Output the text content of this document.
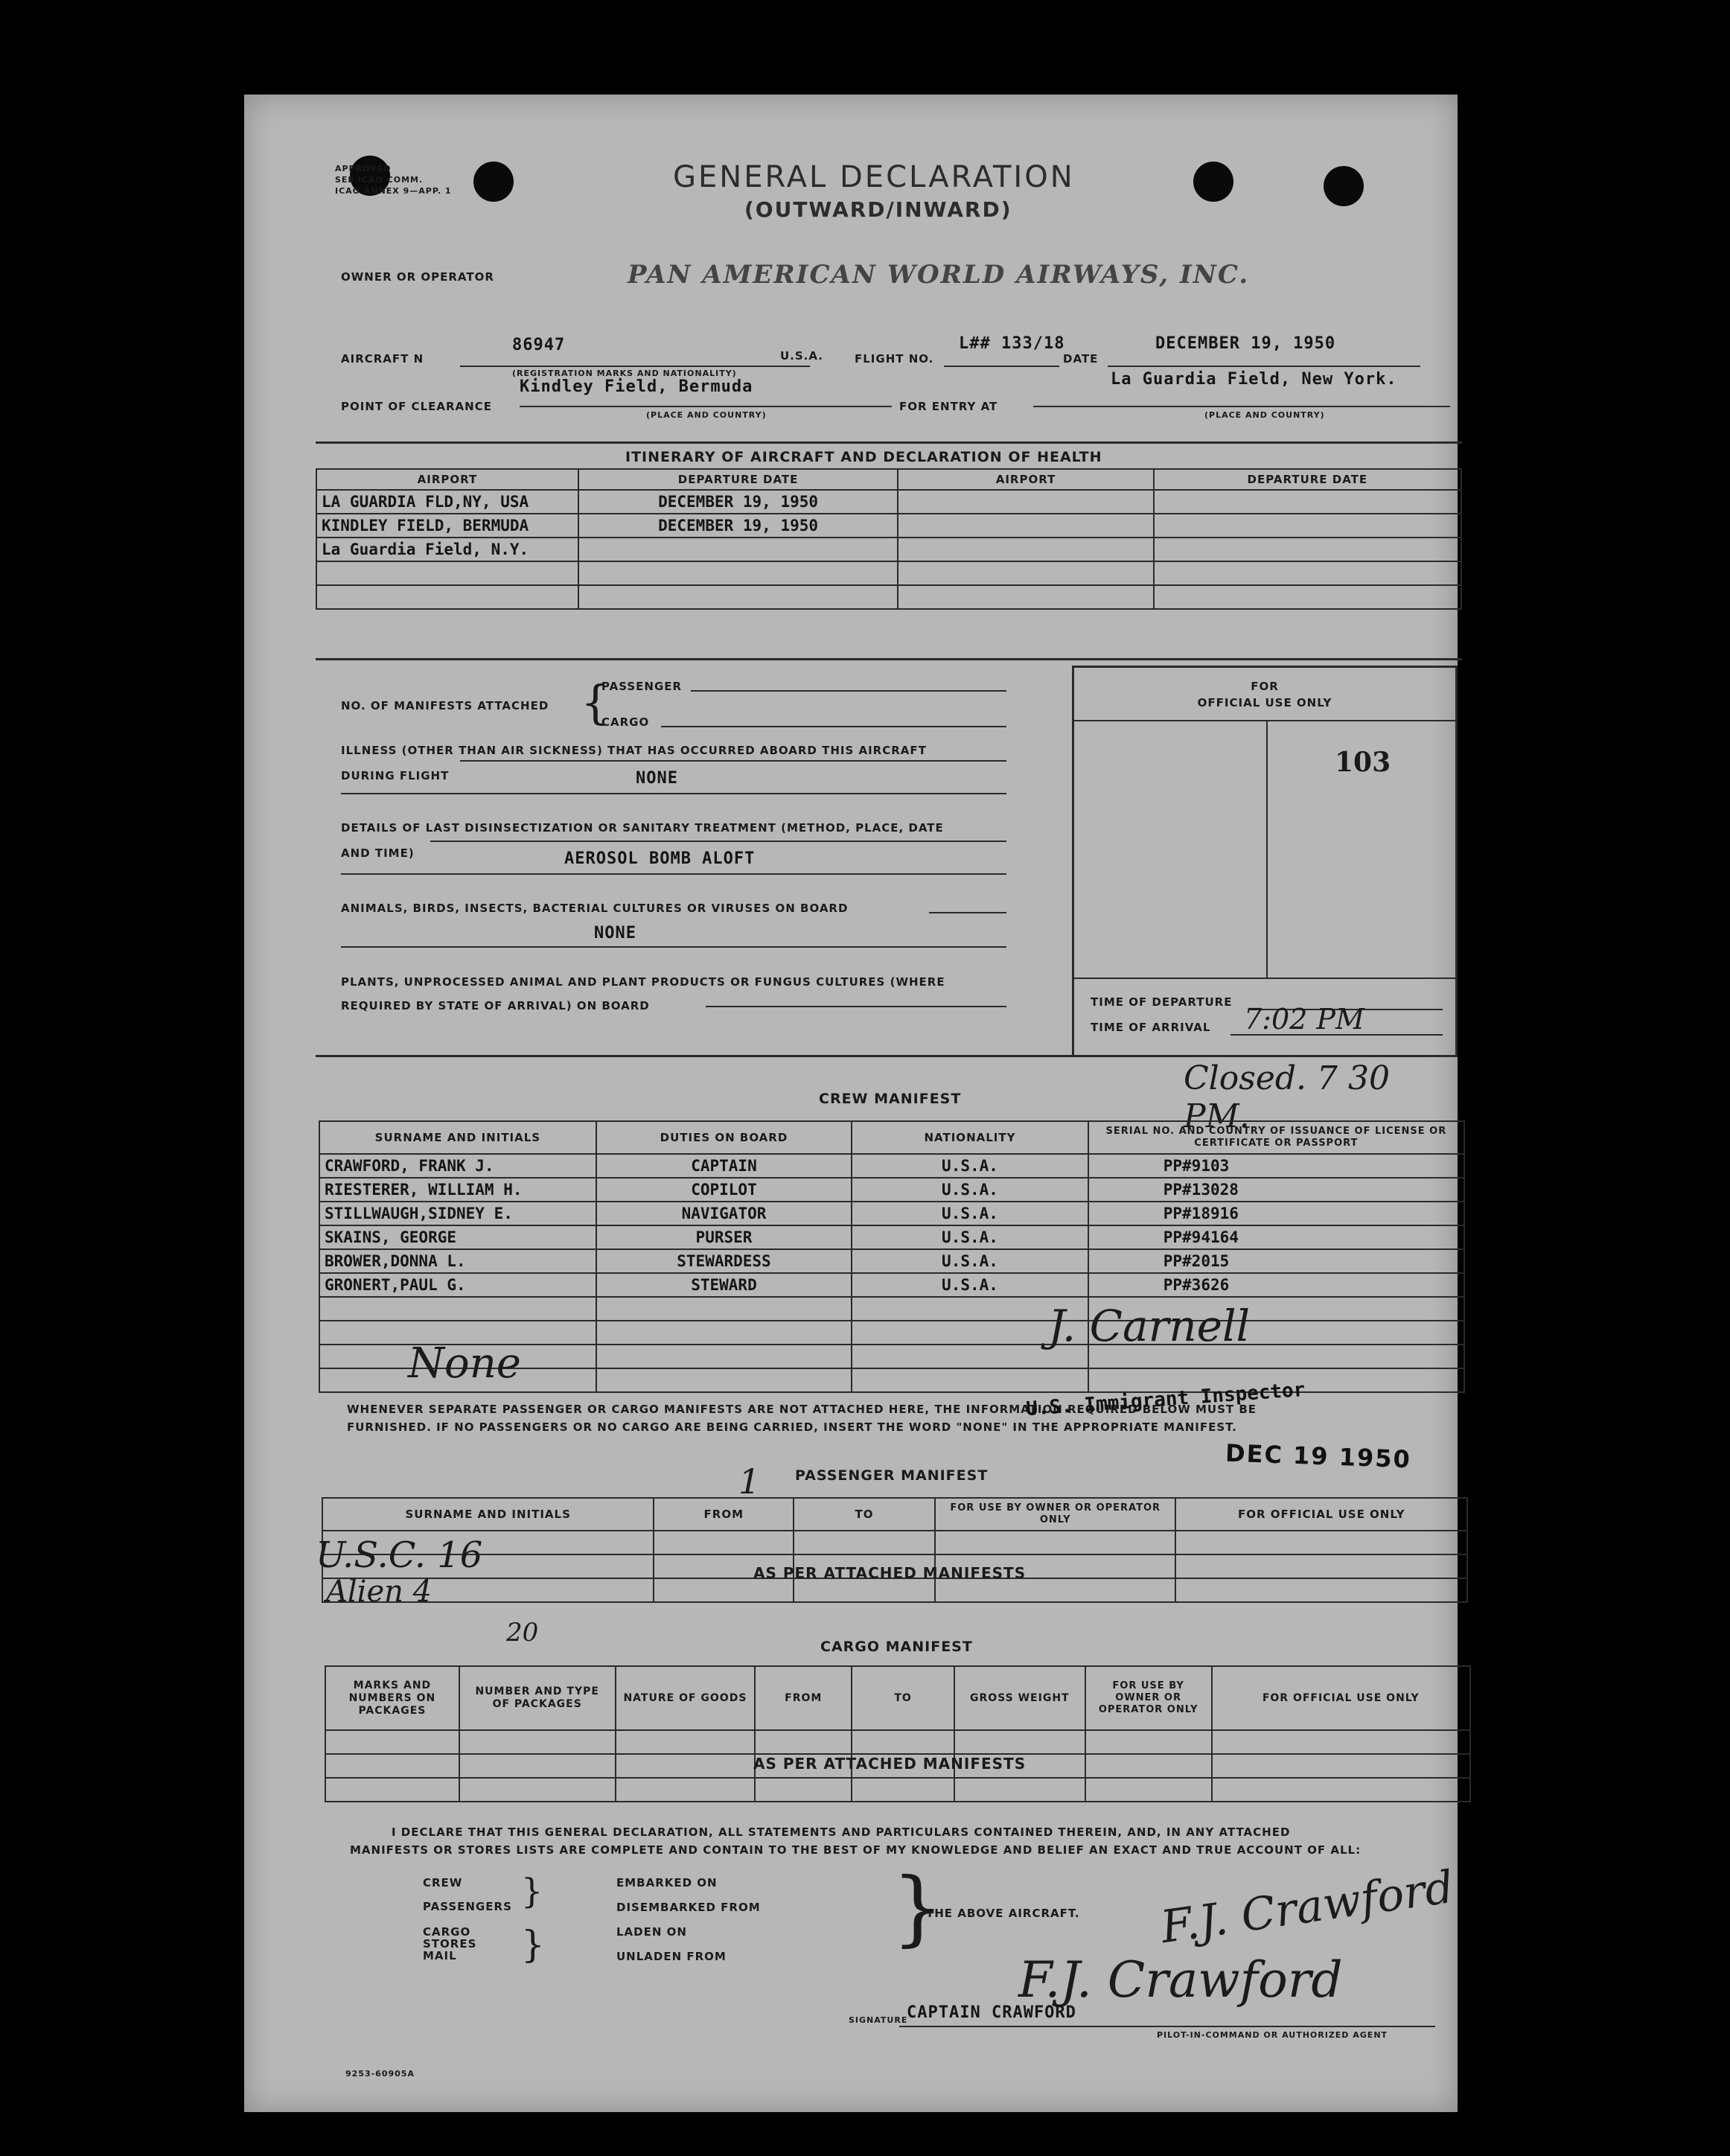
APPROVED
SEE ICAO COMM.
ICAO ANNEX 9—APP. 1	GENERAL DECLARATION
(OUTWARD/INWARD)
OWNER OR OPERATOR	PAN AMERICAN WORLD AIRWAYS, INC.
AIRCRAFT N
86947
(REGISTRATION MARKS AND NATIONALITY)
U.S.A.	FLIGHT NO.
L## 133/18
DATE
DECEMBER 19, 1950
POINT OF CLEARANCE
Kindley Field, Bermuda
(PLACE AND COUNTRY)
FOR ENTRY AT
La Guardia Field, New York.
(PLACE AND COUNTRY)
ITINERARY OF AIRCRAFT AND DECLARATION OF HEALTH
AIRPORT	DEPARTURE DATE	AIRPORT	DEPARTURE DATE
LA GUARDIA FLD,NY, USA	DECEMBER 19, 1950		
KINDLEY FIELD, BERMUDA	DECEMBER 19, 1950		
La Guardia Field, N.Y.			

NO. OF MANIFESTS ATTACHED {
PASSENGER
CARGO
ILLNESS (OTHER THAN AIR SICKNESS) THAT HAS OCCURRED ABOARD THIS AIRCRAFT
DURING FLIGHT	NONE
DETAILS OF LAST DISINSECTIZATION OR SANITARY TREATMENT (METHOD, PLACE, DATE
AND TIME)	AEROSOL BOMB ALOFT
ANIMALS, BIRDS, INSECTS, BACTERIAL CULTURES OR VIRUSES ON BOARD
NONE
PLANTS, UNPROCESSED ANIMAL AND PLANT PRODUCTS OR FUNGUS CULTURES (WHERE
REQUIRED BY STATE OF ARRIVAL) ON BOARD
FOR
OFFICIAL USE ONLY
103
TIME OF DEPARTURE
TIME OF ARRIVAL 7:02 PM
Closed. 7 30 PM.
CREW MANIFEST
SURNAME AND INITIALS	DUTIES ON BOARD	NATIONALITY	SERIAL NO. AND COUNTRY OF ISSUANCE OF LICENSE OR CERTIFICATE OR PASSPORT
CRAWFORD, FRANK J.	CAPTAIN	U.S.A.	PP#9103
RIESTERER, WILLIAM H.	COPILOT	U.S.A.	PP#13028
STILLWAUGH,SIDNEY E.	NAVIGATOR	U.S.A.	PP#18916
SKAINS, GEORGE	PURSER	U.S.A.	PP#94164
BROWER,DONNA L.	STEWARDESS	U.S.A.	PP#2015
GRONERT,PAUL G.	STEWARD	U.S.A.	PP#3626

None
J. Carnell
WHENEVER SEPARATE PASSENGER OR CARGO MANIFESTS ARE NOT ATTACHED HERE, THE INFORMATION REQUIRED BELOW MUST BE
FURNISHED. IF NO PASSENGERS OR NO CARGO ARE BEING CARRIED, INSERT THE WORD "NONE" IN THE APPROPRIATE MANIFEST.
U.S. Immigrant Inspector
DEC 19 1950
1 PASSENGER MANIFEST
SURNAME AND INITIALS	FROM	TO	FOR USE BY OWNER OR OPERATOR ONLY	FOR OFFICIAL USE ONLY

AS PER ATTACHED MANIFESTS
U.S.C. 16
Alien 4
20	CARGO MANIFEST
MARKS AND NUMBERS ON PACKAGES	NUMBER AND TYPE OF PACKAGES	NATURE OF GOODS	FROM	TO	GROSS WEIGHT	FOR USE BY OWNER OR OPERATOR ONLY	FOR OFFICIAL USE ONLY

AS PER ATTACHED MANIFESTS
I DECLARE THAT THIS GENERAL DECLARATION, ALL STATEMENTS AND PARTICULARS CONTAINED THEREIN, AND, IN ANY ATTACHED
MANIFESTS OR STORES LISTS ARE COMPLETE AND CONTAIN TO THE BEST OF MY KNOWLEDGE AND BELIEF AN EXACT AND TRUE ACCOUNT OF ALL:
CREW
PASSENGERS
CARGO
STORES
MAIL
}
}
EMBARKED ON
DISEMBARKED FROM
LADEN ON
UNLADEN FROM
}
THE ABOVE AIRCRAFT. F.J. Crawford
F.J. Crawford
SIGNATURE
CAPTAIN CRAWFORD
PILOT-IN-COMMAND OR AUTHORIZED AGENT
9253-60905A
